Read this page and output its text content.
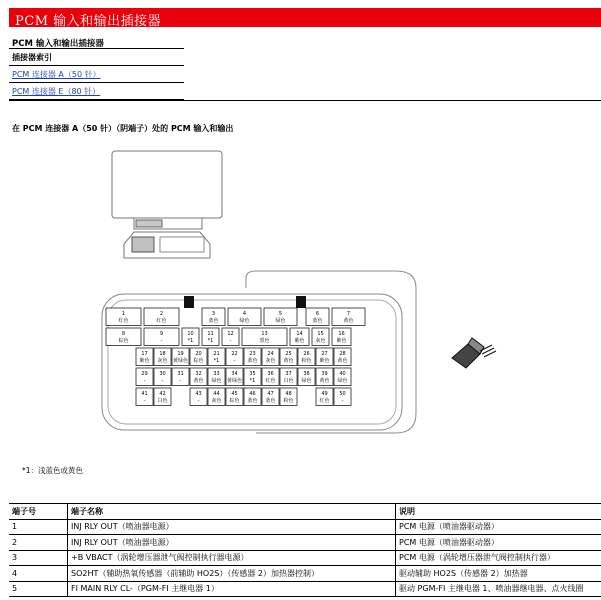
PCM 输入和输出插接器
PCM 输入和输出插接器
插接器索引
PCM 连接器 A（50 针）
PCM 连接器 E（80 针）
在 PCM 连接器 A（50 针）（阴端子）处的 PCM 输入和输出
1
红色
2
红色
3
蓝色
4
绿色
5
绿色
6
蓝色
7
黄色
8
棕色
9
-
10
*1
11
*1
12
-
13
黑色
14
紫色
15
灰色
16
紫色
17
紫色
18
灰色
19
黄绿色
20
棕色
21
*1
22
-
23
蓝色
24
灰色
25
黄色
26
粉色
27
紫色
28
黄色
29
-
30
-
31
-
32
黄色
33
绿色
34
黄绿色
35
*1
36
红色
37
白色
38
绿色
39
黄色
40
绿色
41
-
42
白色
43
-
44
灰色
45
棕色
46
蓝色
47
蓝色
48
粉色
49
红色
50
-
*1：浅蓝色或黄色
端子号	端子名称	说明
1	INJ RLY OUT（喷油器电源）	PCM 电源（喷油器驱动器）
2	INJ RLY OUT（喷油器电源）	PCM 电源（喷油器驱动器）
3	+B VBACT（涡轮增压器泄气阀控制执行器电源）	PCM 电源（涡轮增压器泄气阀控制执行器）
4	SO2HT（辅助热氧传感器（前辅助 HO2S）（传感器 2）加热器控制）	驱动辅助 HO2S（传感器 2）加热器
5	FI MAIN RLY CL-（PGM-FI 主继电器 1）	驱动 PGM-FI 主继电器 1、喷油器继电器、点火线圈
